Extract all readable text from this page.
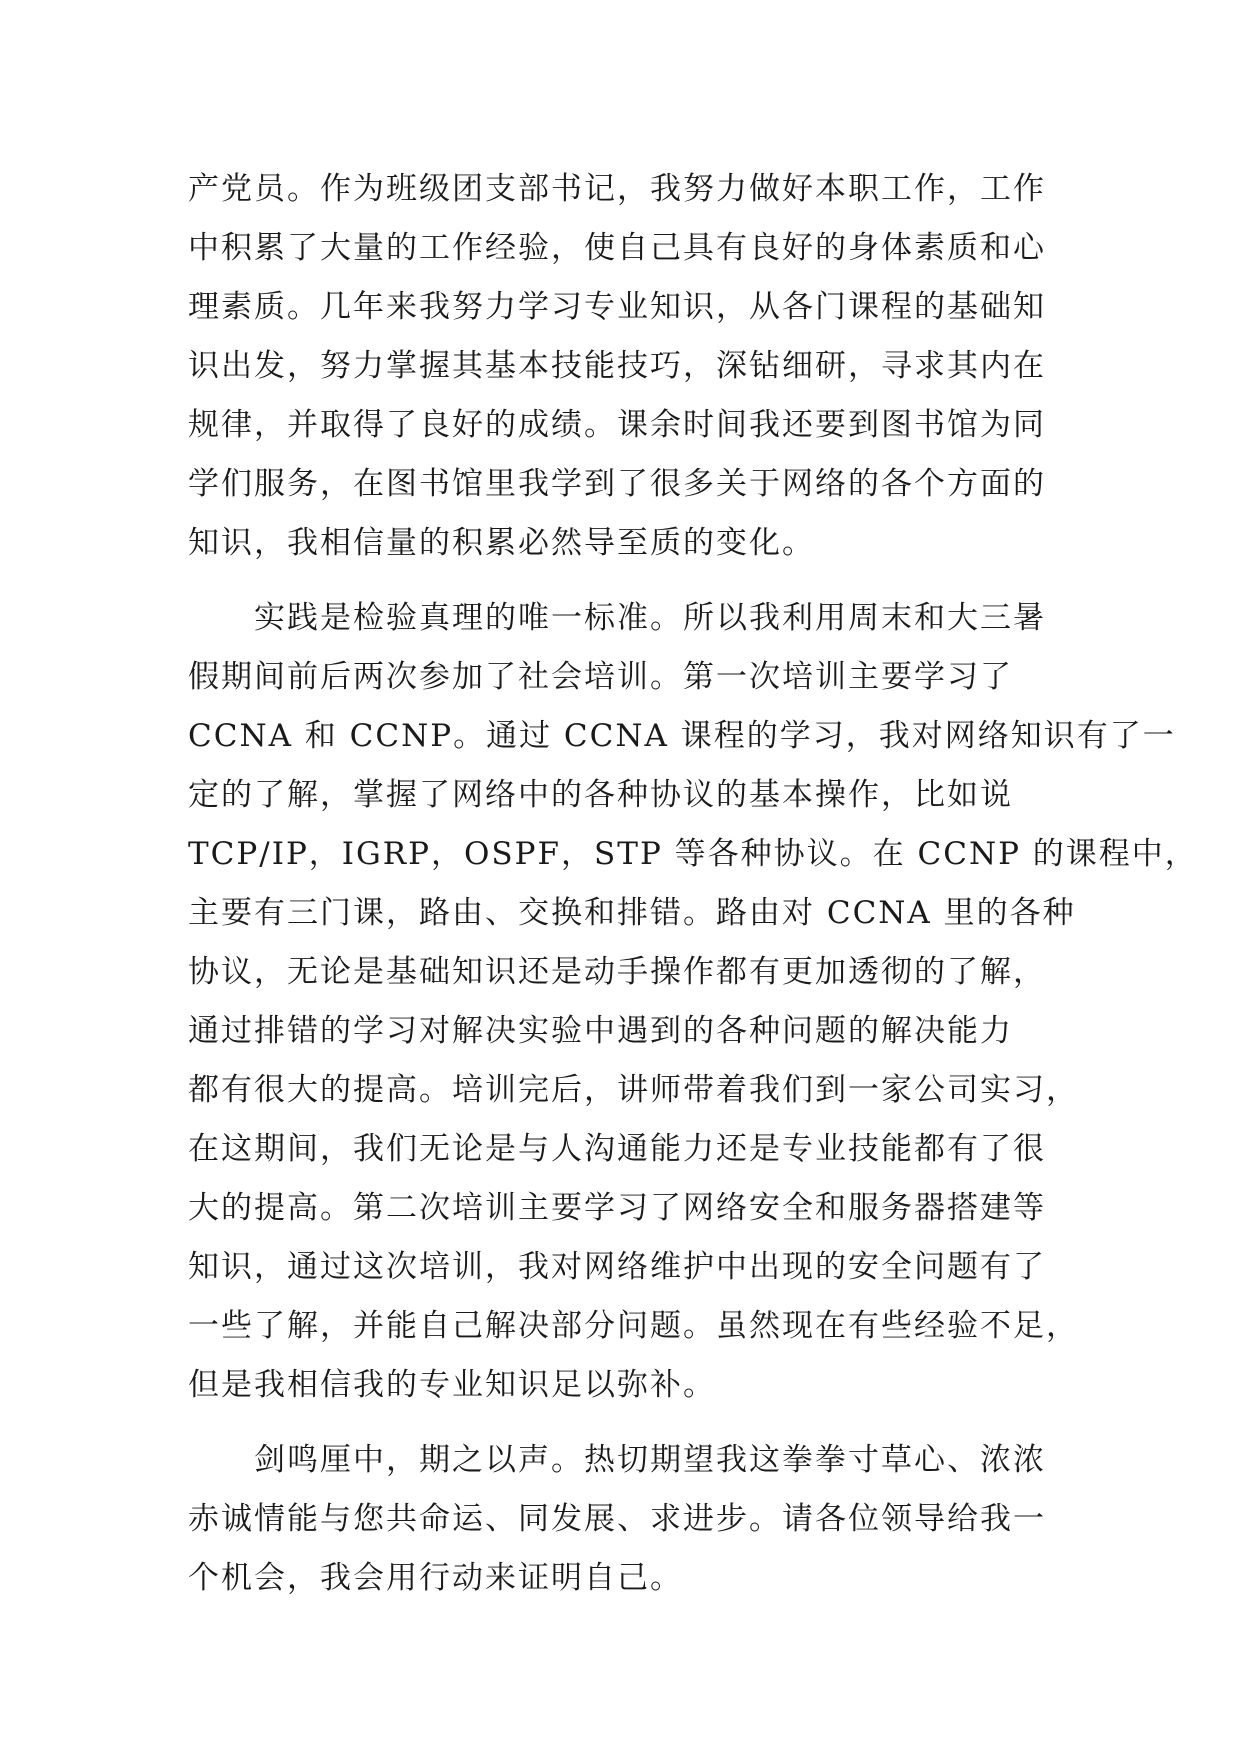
产党员。作为班级团支部书记，我努力做好本职工作，工作
中积累了大量的工作经验，使自己具有良好的身体素质和心
理素质。几年来我努力学习专业知识，从各门课程的基础知
识出发，努力掌握其基本技能技巧，深钻细研，寻求其内在
规律，并取得了良好的成绩。课余时间我还要到图书馆为同
学们服务，在图书馆里我学到了很多关于网络的各个方面的
知识，我相信量的积累必然导至质的变化。
实践是检验真理的唯一标准。所以我利用周末和大三暑
假期间前后两次参加了社会培训。第一次培训主要学习了
CCNA 和 CCNP。通过 CCNA 课程的学习，我对网络知识有了一
定的了解，掌握了网络中的各种协议的基本操作，比如说
TCP/IP，IGRP，OSPF，STP 等各种协议。在 CCNP 的课程中，
主要有三门课，路由、交换和排错。路由对 CCNA 里的各种
协议，无论是基础知识还是动手操作都有更加透彻的了解，
通过排错的学习对解决实验中遇到的各种问题的解决能力
都有很大的提高。培训完后，讲师带着我们到一家公司实习，
在这期间，我们无论是与人沟通能力还是专业技能都有了很
大的提高。第二次培训主要学习了网络安全和服务器搭建等
知识，通过这次培训，我对网络维护中出现的安全问题有了
一些了解，并能自己解决部分问题。虽然现在有些经验不足，
但是我相信我的专业知识足以弥补。
剑鸣厘中，期之以声。热切期望我这拳拳寸草心、浓浓
赤诚情能与您共命运、同发展、求进步。请各位领导给我一
个机会，我会用行动来证明自己。
